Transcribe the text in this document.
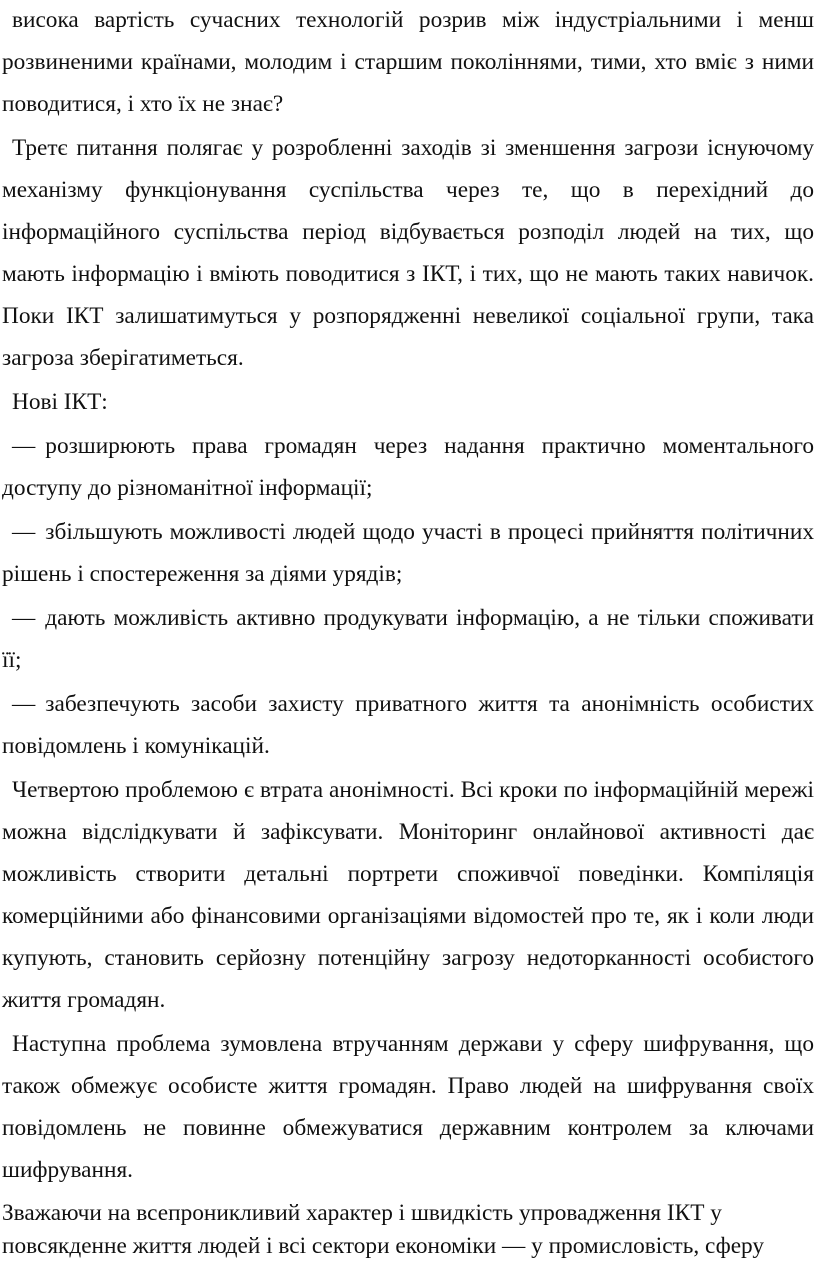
висока вартість сучасних технологій розрив між індустріальними і менш розвиненими країнами, молодим і старшим поколіннями, тими, хто вміє з ними поводитися, і хто їх не знає?

Третє питання полягає у розробленні заходів зі зменшення загрози існуючому механізму функціонування суспільства через те, що в перехідний до інформаційного суспільства період відбувається розподіл людей на тих, що мають інформацію і вміють поводитися з ІКТ, і тих, що не мають таких навичок. Поки ІКТ залишатимуться у розпорядженні невеликої соціальної групи, така загроза зберігатиметься.

Нові ІКТ:

— розширюють права громадян через надання практично моментального доступу до різноманітної інформації;

— збільшують можливості людей щодо участі в процесі прийняття політичних рішень і спостереження за діями урядів;

— дають можливість активно продукувати інформацію, а не тільки споживати її;

— забезпечують засоби захисту приватного життя та анонімність особистих повідомлень і комунікацій.

Четвертою проблемою є втрата анонімності. Всі кроки по інформаційній мережі можна відслідкувати й зафіксувати. Моніторинг онлайнової активності дає можливість створити детальні портрети споживчої поведінки. Компіляція комерційними або фінансовими організаціями відомостей про те, як і коли люди купують, становить серйозну потенційну загрозу недоторканності особистого життя громадян.

Наступна проблема зумовлена втручанням держави у сферу шифрування, що також обмежує особисте життя громадян. Право людей на шифрування своїх повідомлень не повинне обмежуватися державним контролем за ключами шифрування.

Зважаючи на всепроникливий характер і швидкість упровадження ІКТ у повсякденне життя людей і всі сектори економіки — у промисловість, сферу
